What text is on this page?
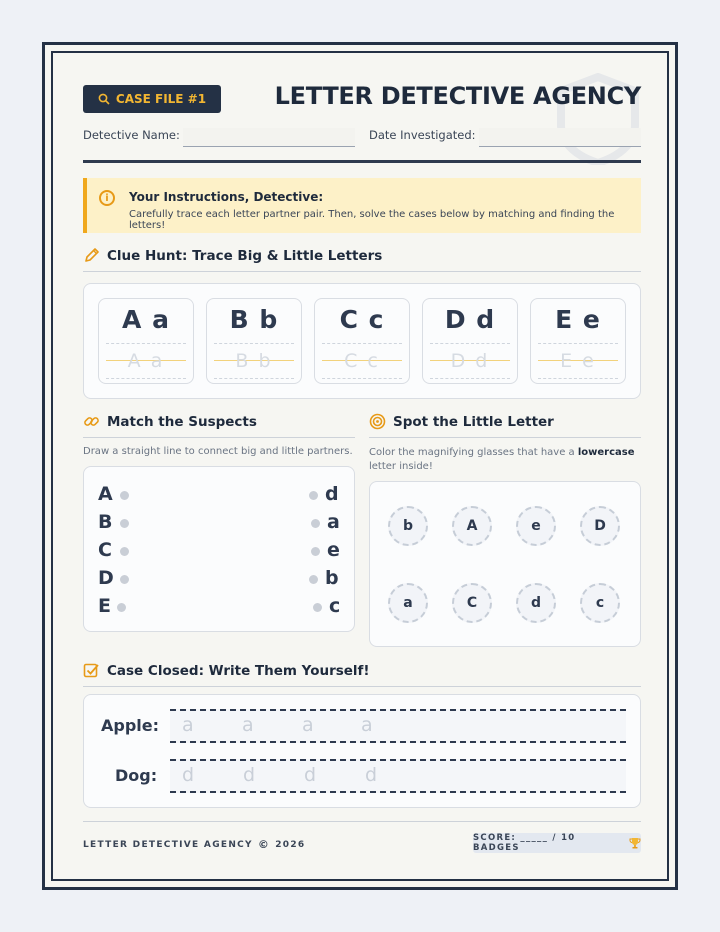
CASE FILE #1	LETTER DETECTIVE AGENCY
Detective Name:	Date Investigated:
i	Your Instructions, Detective:
Carefully trace each letter partner pair. Then, solve the cases below by matching and finding the letters!
Clue Hunt: Trace Big & Little Letters
A a
A a
B b
B b
C c
C c
D d
D d
E e
E e
Match the Suspects
Draw a straight line to connect big and little partners.
A
B
C
D
E
d
a
e
b
c
Spot the Little Letter
Color the magnifying glasses that have a lowercase letter inside!
b	A	e	D
a	C	d	c
Case Closed: Write Them Yourself!
Apple: a	a	a a
Dog: d	d	d	d
LETTER DETECTIVE AGENCY © 2026
SCORE: _____ / 10 BADGES
